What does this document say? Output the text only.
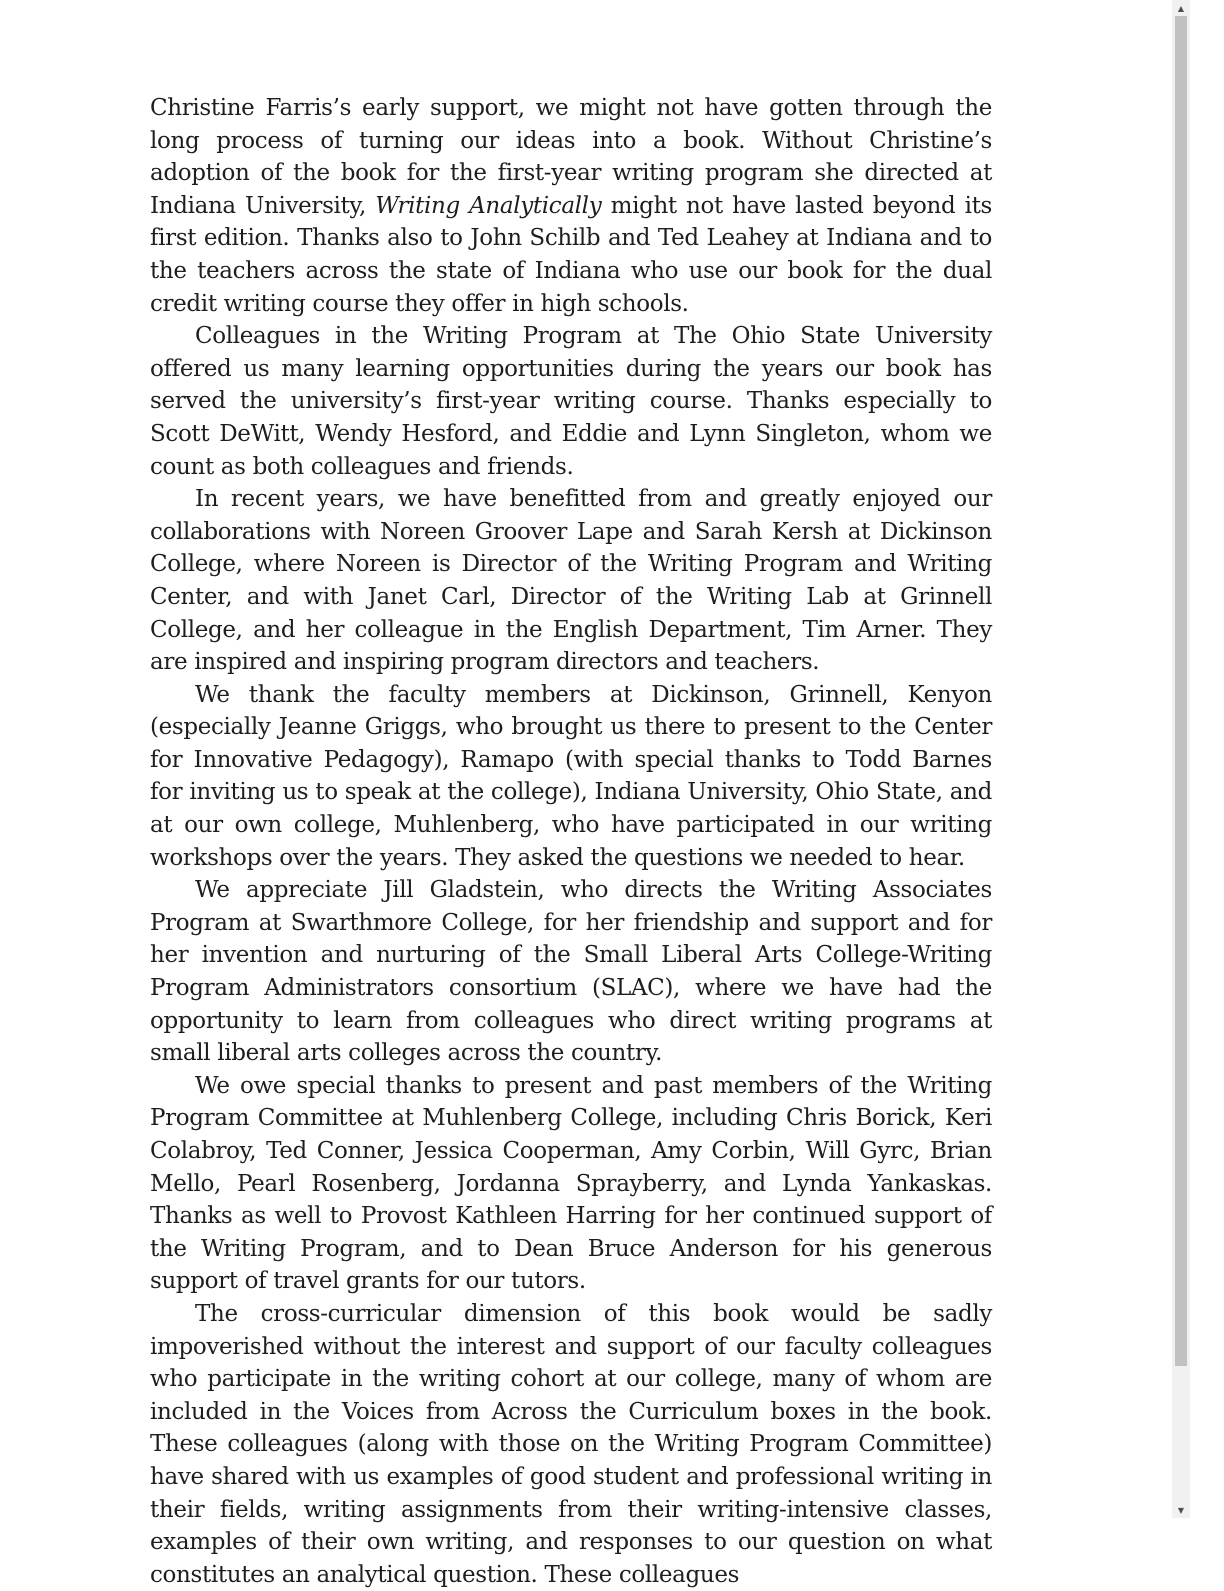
Christine Farris’s early support, we might not have gotten through the long process of turning our ideas into a book. Without Christine’s adoption of the book for the first-year writing program she directed at Indiana University, Writing Analytically might not have lasted beyond its first edition. Thanks also to John Schilb and Ted Leahey at Indiana and to the teachers across the state of Indiana who use our book for the dual credit writing course they offer in high schools.

Colleagues in the Writing Program at The Ohio State University offered us many learning opportunities during the years our book has served the university’s first-year writing course. Thanks especially to Scott DeWitt, Wendy Hesford, and Eddie and Lynn Singleton, whom we count as both colleagues and friends.

In recent years, we have benefitted from and greatly enjoyed our collaborations with Noreen Groover Lape and Sarah Kersh at Dickinson College, where Noreen is Director of the Writing Program and Writing Center, and with Janet Carl, Director of the Writing Lab at Grinnell College, and her colleague in the English Department, Tim Arner. They are inspired and inspiring program directors and teachers.

We thank the faculty members at Dickinson, Grinnell, Kenyon (especially Jeanne Griggs, who brought us there to present to the Center for Innovative Pedagogy), Ramapo (with special thanks to Todd Barnes for inviting us to speak at the college), Indiana University, Ohio State, and at our own college, Muhlenberg, who have participated in our writing workshops over the years. They asked the questions we needed to hear.

We appreciate Jill Gladstein, who directs the Writing Associates Program at Swarthmore College, for her friendship and support and for her invention and nurturing of the Small Liberal Arts College-Writing Program Administrators consortium (SLAC), where we have had the opportunity to learn from colleagues who direct writing programs at small liberal arts colleges across the country.

We owe special thanks to present and past members of the Writing Program Committee at Muhlenberg College, including Chris Borick, Keri Colabroy, Ted Conner, Jessica Cooperman, Amy Corbin, Will Gyrc, Brian Mello, Pearl Rosenberg, Jordanna Sprayberry, and Lynda Yankaskas. Thanks as well to Provost Kathleen Harring for her continued support of the Writing Program, and to Dean Bruce Anderson for his generous support of travel grants for our tutors.

The cross-curricular dimension of this book would be sadly impoverished without the interest and support of our faculty colleagues who participate in the writing cohort at our college, many of whom are included in the Voices from Across the Curriculum boxes in the book. These colleagues (along with those on the Writing Program Committee) have shared with us examples of good student and professional writing in their fields, writing assignments from their writing-intensive classes, examples of their own writing, and responses to our question on what constitutes an analytical question. These colleagues

▲
▼
